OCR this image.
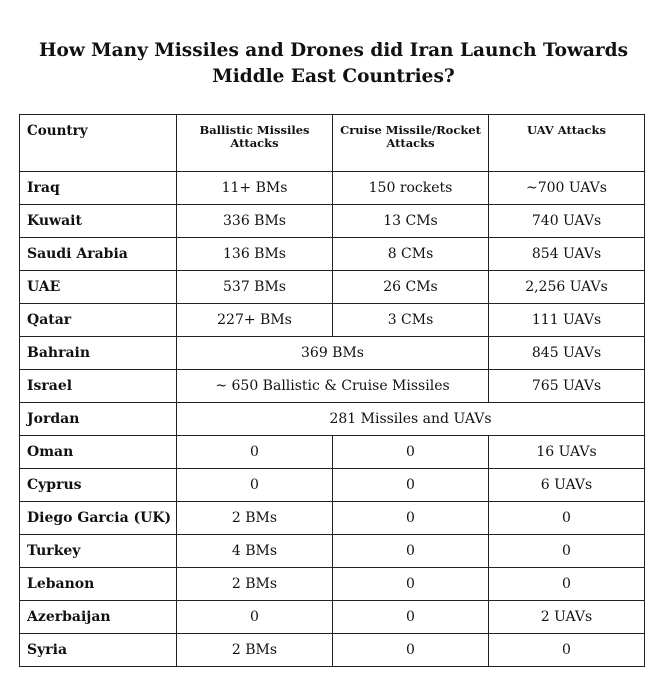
How Many Missiles and Drones did Iran Launch Towards Middle East Countries?
Country	Ballistic Missiles Attacks	Cruise Missile/Rocket Attacks	UAV Attacks
Iraq	11+ BMs	150 rockets	~700 UAVs
Kuwait	336 BMs	13 CMs	740 UAVs
Saudi Arabia	136 BMs	8 CMs	854 UAVs
UAE	537 BMs	26 CMs	2,256 UAVs
Qatar	227+ BMs	3 CMs	111 UAVs
Bahrain	369 BMs		845 UAVs
Israel	~ 650 Ballistic & Cruise Missiles		765 UAVs
Jordan	281 Missiles and UAVs		
Oman	0	0	16 UAVs
Cyprus	0	0	6 UAVs
Diego Garcia (UK)	2 BMs	0	0
Turkey	4 BMs	0	0
Lebanon	2 BMs	0	0
Azerbaijan	0	0	2 UAVs
Syria	2 BMs	0	0
